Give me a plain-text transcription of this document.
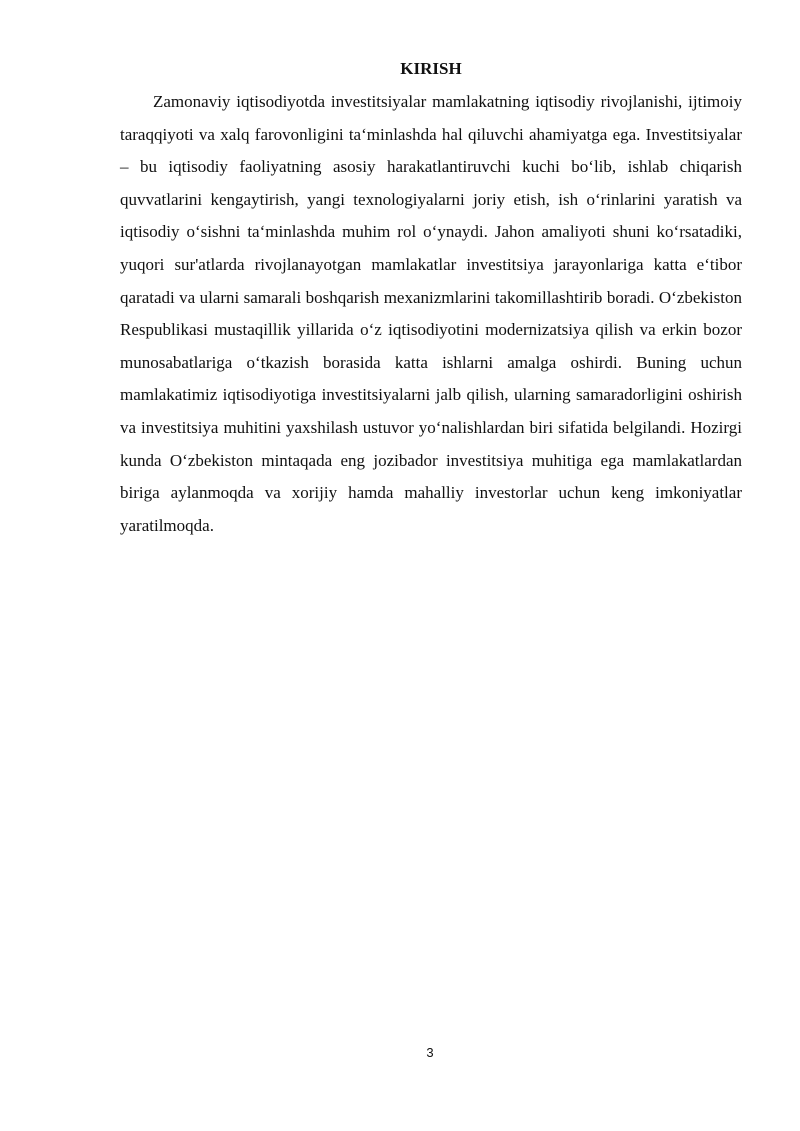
KIRISH

Zamonaviy iqtisodiyotda investitsiyalar mamlakatning iqtisodiy rivojlanishi, ijtimoiy taraqqiyoti va xalq farovonligini taʻminlashda hal qiluvchi ahamiyatga ega. Investitsiyalar – bu iqtisodiy faoliyatning asosiy harakatlantiruvchi kuchi boʻlib, ishlab chiqarish quvvatlarini kengaytirish, yangi texnologiyalarni joriy etish, ish oʻrinlarini yaratish va iqtisodiy oʻsishni taʻminlashda muhim rol oʻynaydi. Jahon amaliyoti shuni koʻrsatadiki, yuqori sur'atlarda rivojlanayotgan mamlakatlar investitsiya jarayonlariga katta eʻtibor qaratadi va ularni samarali boshqarish mexanizmlarini takomillashtirib boradi. Oʻzbekiston Respublikasi mustaqillik yillarida oʻz iqtisodiyotini modernizatsiya qilish va erkin bozor munosabatlariga oʻtkazish borasida katta ishlarni amalga oshirdi. Buning uchun mamlakatimiz iqtisodiyotiga investitsiyalarni jalb qilish, ularning samaradorligini oshirish va investitsiya muhitini yaxshilash ustuvor yoʻnalishlardan biri sifatida belgilandi. Hozirgi kunda Oʻzbekiston mintaqada eng jozibador investitsiya muhitiga ega mamlakatlardan biriga aylanmoqda va xorijiy hamda mahalliy investorlar uchun keng imkoniyatlar yaratilmoqda.

3
